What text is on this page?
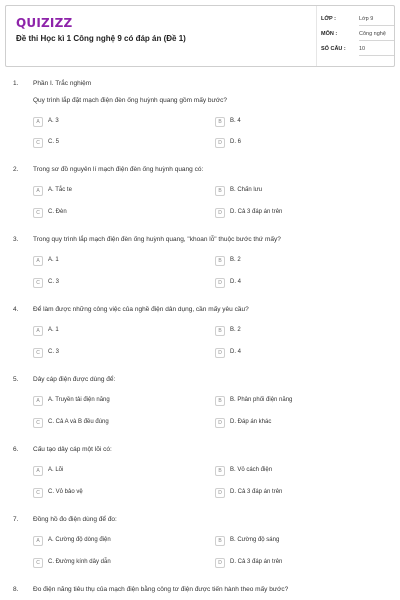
QUIZIZZ
Đề thi Học kì 1 Công nghệ 9 có đáp án (Đề 1)
LỚP :	Lớp 9
MÔN :	Công nghệ
SỐ CÂU : 10
1. Phần I. Trắc nghiệm
Quy trình lắp đặt mạch điện đèn ống huỳnh quang gồm mấy bước?
A	A. 3	B	B. 4
C	C. 5	D	D. 6
2. Trong sơ đồ nguyên lí mạch điện đèn ống huỳnh quang có:
A	A. Tắc te	B	B. Chấn lưu
C	C. Đèn	D	D. Cả 3 đáp án trên
3. Trong quy trình lắp mạch điện đèn ống huỳnh quang, "khoan lỗ" thuộc bước thứ mấy?
A	A. 1	B	B. 2
C	C. 3	D	D. 4
4. Để làm được những công việc của nghề điện dân dụng, cần mấy yêu cầu?
A	A. 1	B	B. 2
C	C. 3	D	D. 4
5. Dây cáp điện được dùng để:
A	A. Truyền tải điện năng	B	B. Phân phối điện năng
C	C. Cả A và B đều đúng	D	D. Đáp án khác
6. Cấu tạo dây cáp một lõi có:
A	A. Lõi	B	B. Vỏ cách điện
C	C. Vỏ bảo vệ	D	D. Cả 3 đáp án trên
7. Đồng hồ đo điện dùng để đo:
A	A. Cường độ dòng điện	B	B. Cường độ sáng
C	C. Đường kính dây dẫn	D	D. Cả 3 đáp án trên
8. Đo điện năng tiêu thụ của mạch điện bằng công tơ điện được tiến hành theo mấy bước?
